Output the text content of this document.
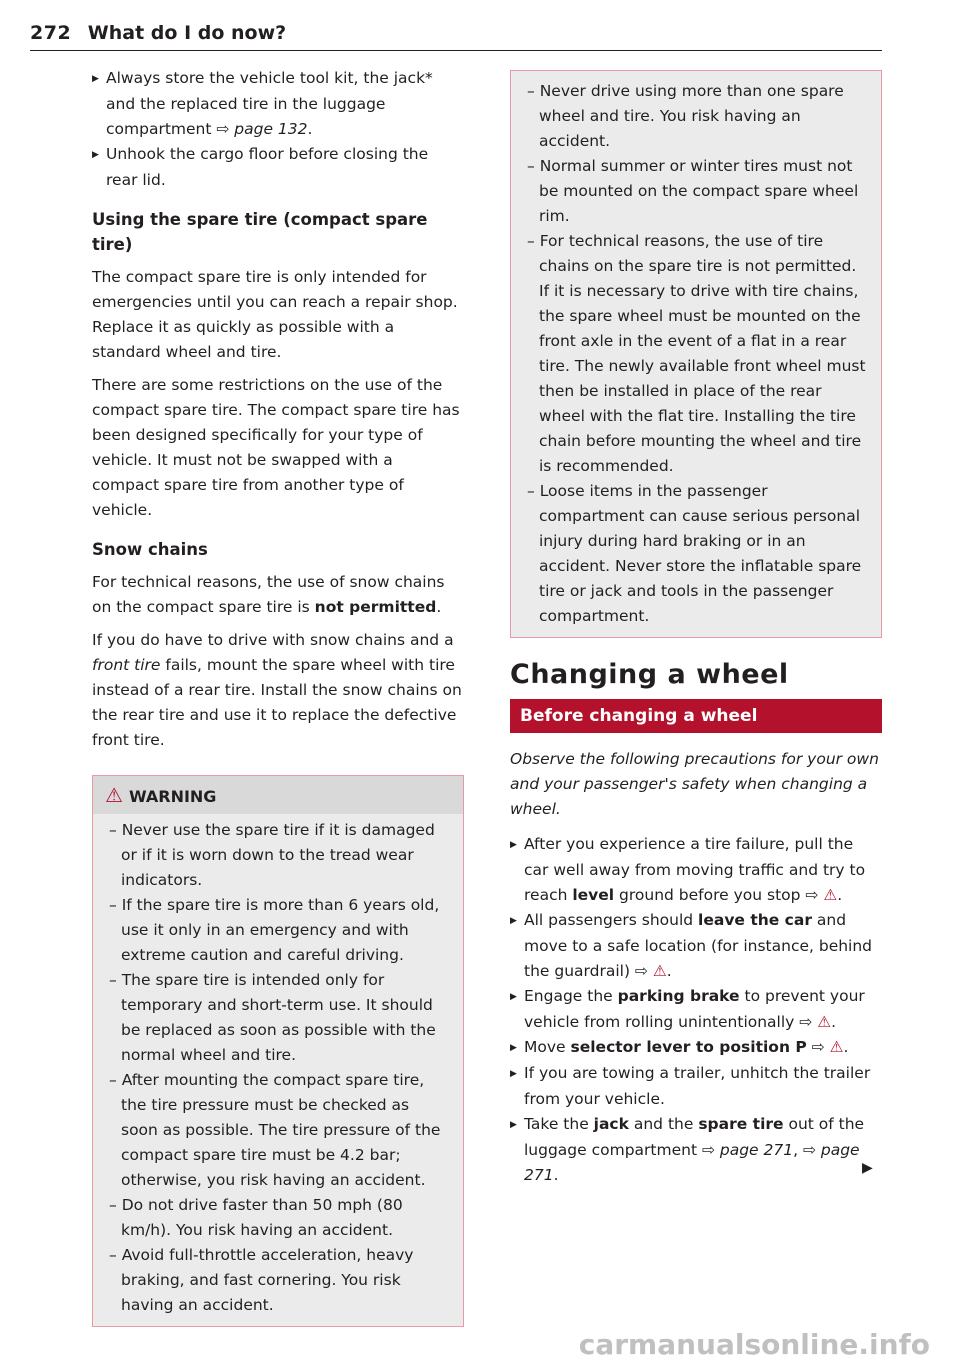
272 What do I do now?

▶ Always store the vehicle tool kit, the jack* and the replaced tire in the luggage compartment ⇨ page 132.

▶ Unhook the cargo floor before closing the rear lid.

Using the spare tire (compact spare tire)

The compact spare tire is only intended for emergencies until you can reach a repair shop. Replace it as quickly as possible with a standard wheel and tire.

There are some restrictions on the use of the compact spare tire. The compact spare tire has been designed specifically for your type of vehicle. It must not be swapped with a compact spare tire from another type of vehicle.

Snow chains

For technical reasons, the use of snow chains on the compact spare tire is not permitted.

If you do have to drive with snow chains and a front tire fails, mount the spare wheel with tire instead of a rear tire. Install the snow chains on the rear tire and use it to replace the defective front tire.

⚠ WARNING

– Never use the spare tire if it is damaged or if it is worn down to the tread wear indicators.

– If the spare tire is more than 6 years old, use it only in an emergency and with extreme caution and careful driving.

– The spare tire is intended only for temporary and short-term use. It should be replaced as soon as possible with the normal wheel and tire.

– After mounting the compact spare tire, the tire pressure must be checked as soon as possible. The tire pressure of the compact spare tire must be 4.2 bar; otherwise, you risk having an accident.

– Do not drive faster than 50 mph (80 km/h). You risk having an accident.

– Avoid full-throttle acceleration, heavy braking, and fast cornering. You risk having an accident.

– Never drive using more than one spare wheel and tire. You risk having an accident.

– Normal summer or winter tires must not be mounted on the compact spare wheel rim.

– For technical reasons, the use of tire chains on the spare tire is not permitted. If it is necessary to drive with tire chains, the spare wheel must be mounted on the front axle in the event of a flat in a rear tire. The newly available front wheel must then be installed in place of the rear wheel with the flat tire. Installing the tire chain before mounting the wheel and tire is recommended.

– Loose items in the passenger compartment can cause serious personal injury during hard braking or in an accident. Never store the inflatable spare tire or jack and tools in the passenger compartment.

Changing a wheel
Before changing a wheel

Observe the following precautions for your own and your passenger's safety when changing a wheel.

▶ After you experience a tire failure, pull the car well away from moving traffic and try to reach level ground before you stop ⇨ ⚠.

▶ All passengers should leave the car and move to a safe location (for instance, behind the guardrail) ⇨ ⚠.

▶ Engage the parking brake to prevent your vehicle from rolling unintentionally ⇨ ⚠.

▶ Move selector lever to position P ⇨ ⚠.

▶ If you are towing a trailer, unhitch the trailer from your vehicle.

▶ Take the jack and the spare tire out of the luggage compartment ⇨ page 271, ⇨ page 271.	▶
carmanualsonline.info
